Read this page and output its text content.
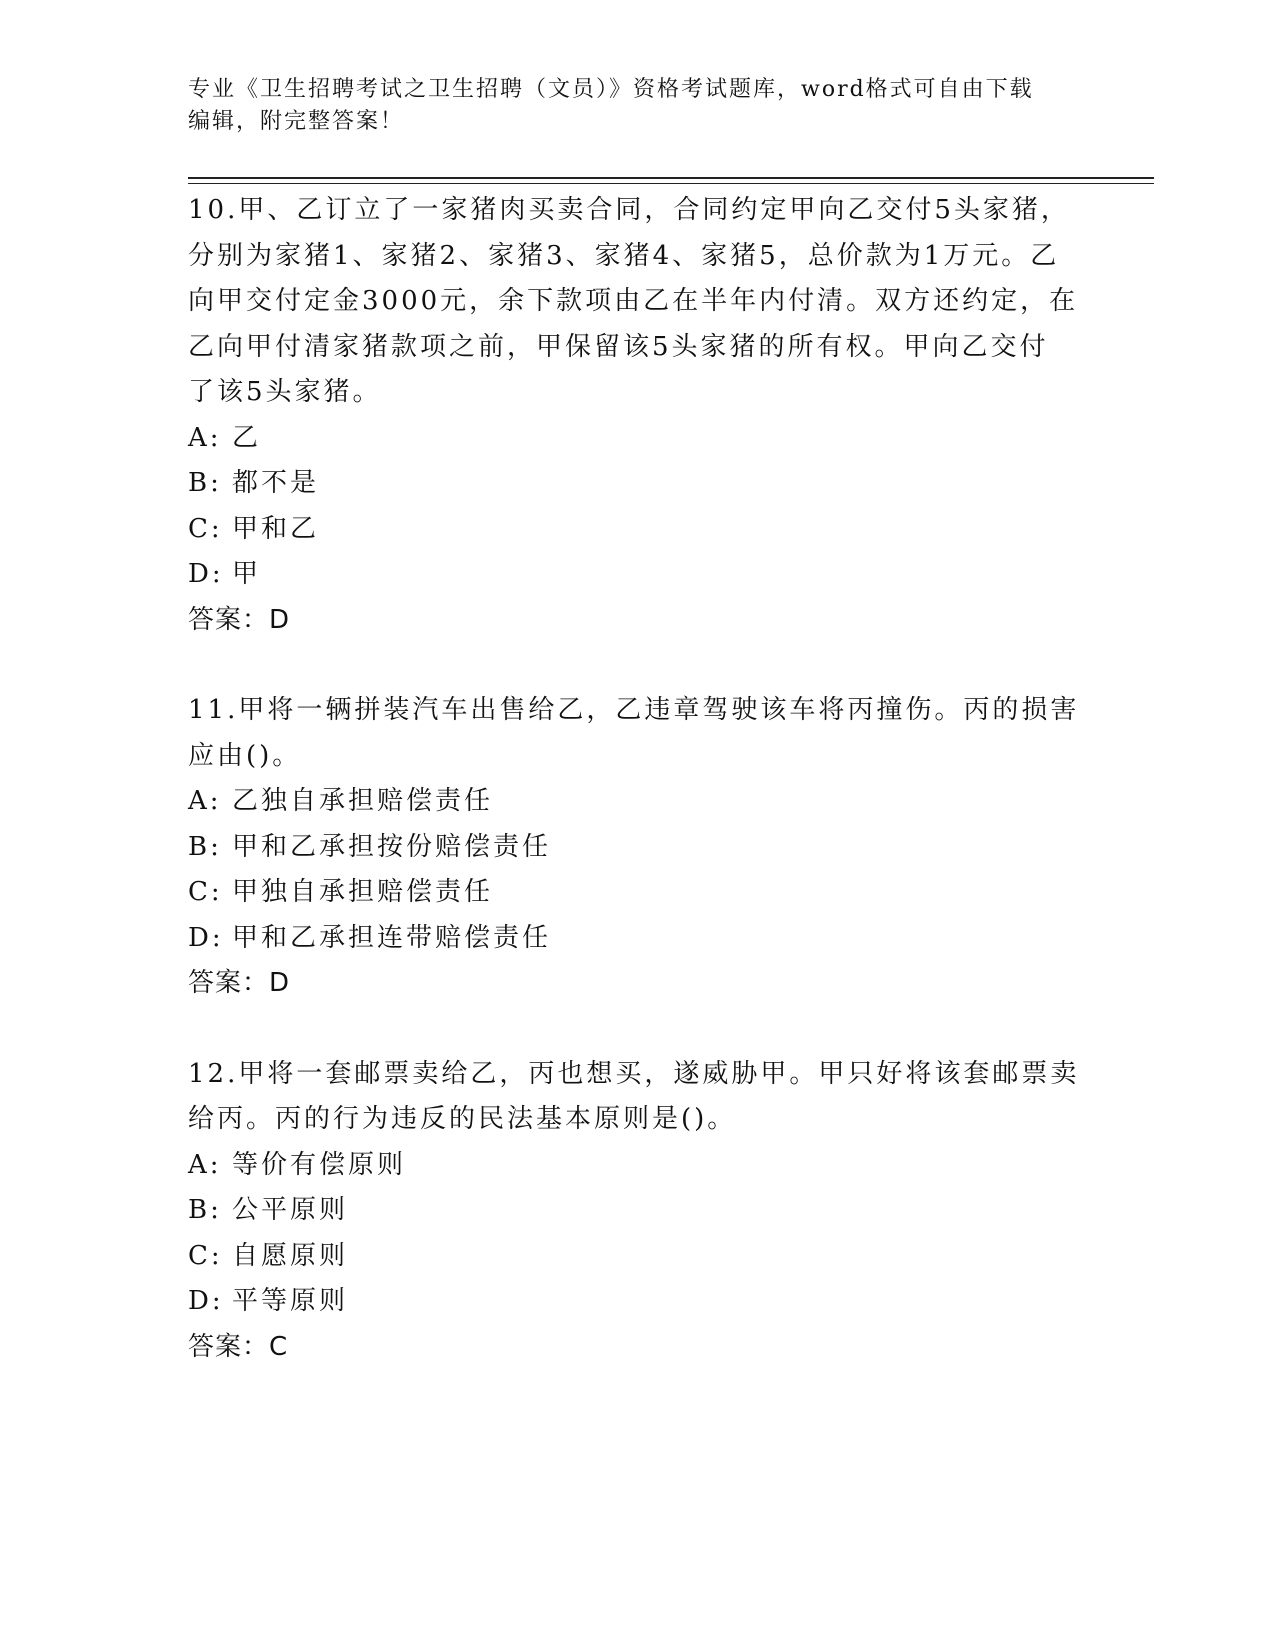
专业《卫生招聘考试之卫生招聘（文员）》资格考试题库，word格式可自由下载
编辑，附完整答案！

10.甲、乙订立了一家猪肉买卖合同，合同约定甲向乙交付5头家猪，

分别为家猪1、家猪2、家猪3、家猪4、家猪5，总价款为1万元。乙

向甲交付定金3000元，余下款项由乙在半年内付清。双方还约定，在

乙向甲付清家猪款项之前，甲保留该5头家猪的所有权。甲向乙交付

了该5头家猪。

A: 乙

B: 都不是

C: 甲和乙

D: 甲

答案：D

11.甲将一辆拼装汽车出售给乙，乙违章驾驶该车将丙撞伤。丙的损害

应由()。

A: 乙独自承担赔偿责任

B: 甲和乙承担按份赔偿责任

C: 甲独自承担赔偿责任

D: 甲和乙承担连带赔偿责任

答案：D

12.甲将一套邮票卖给乙，丙也想买，遂威胁甲。甲只好将该套邮票卖

给丙。丙的行为违反的民法基本原则是()。

A: 等价有偿原则

B: 公平原则

C: 自愿原则

D: 平等原则

答案：C
